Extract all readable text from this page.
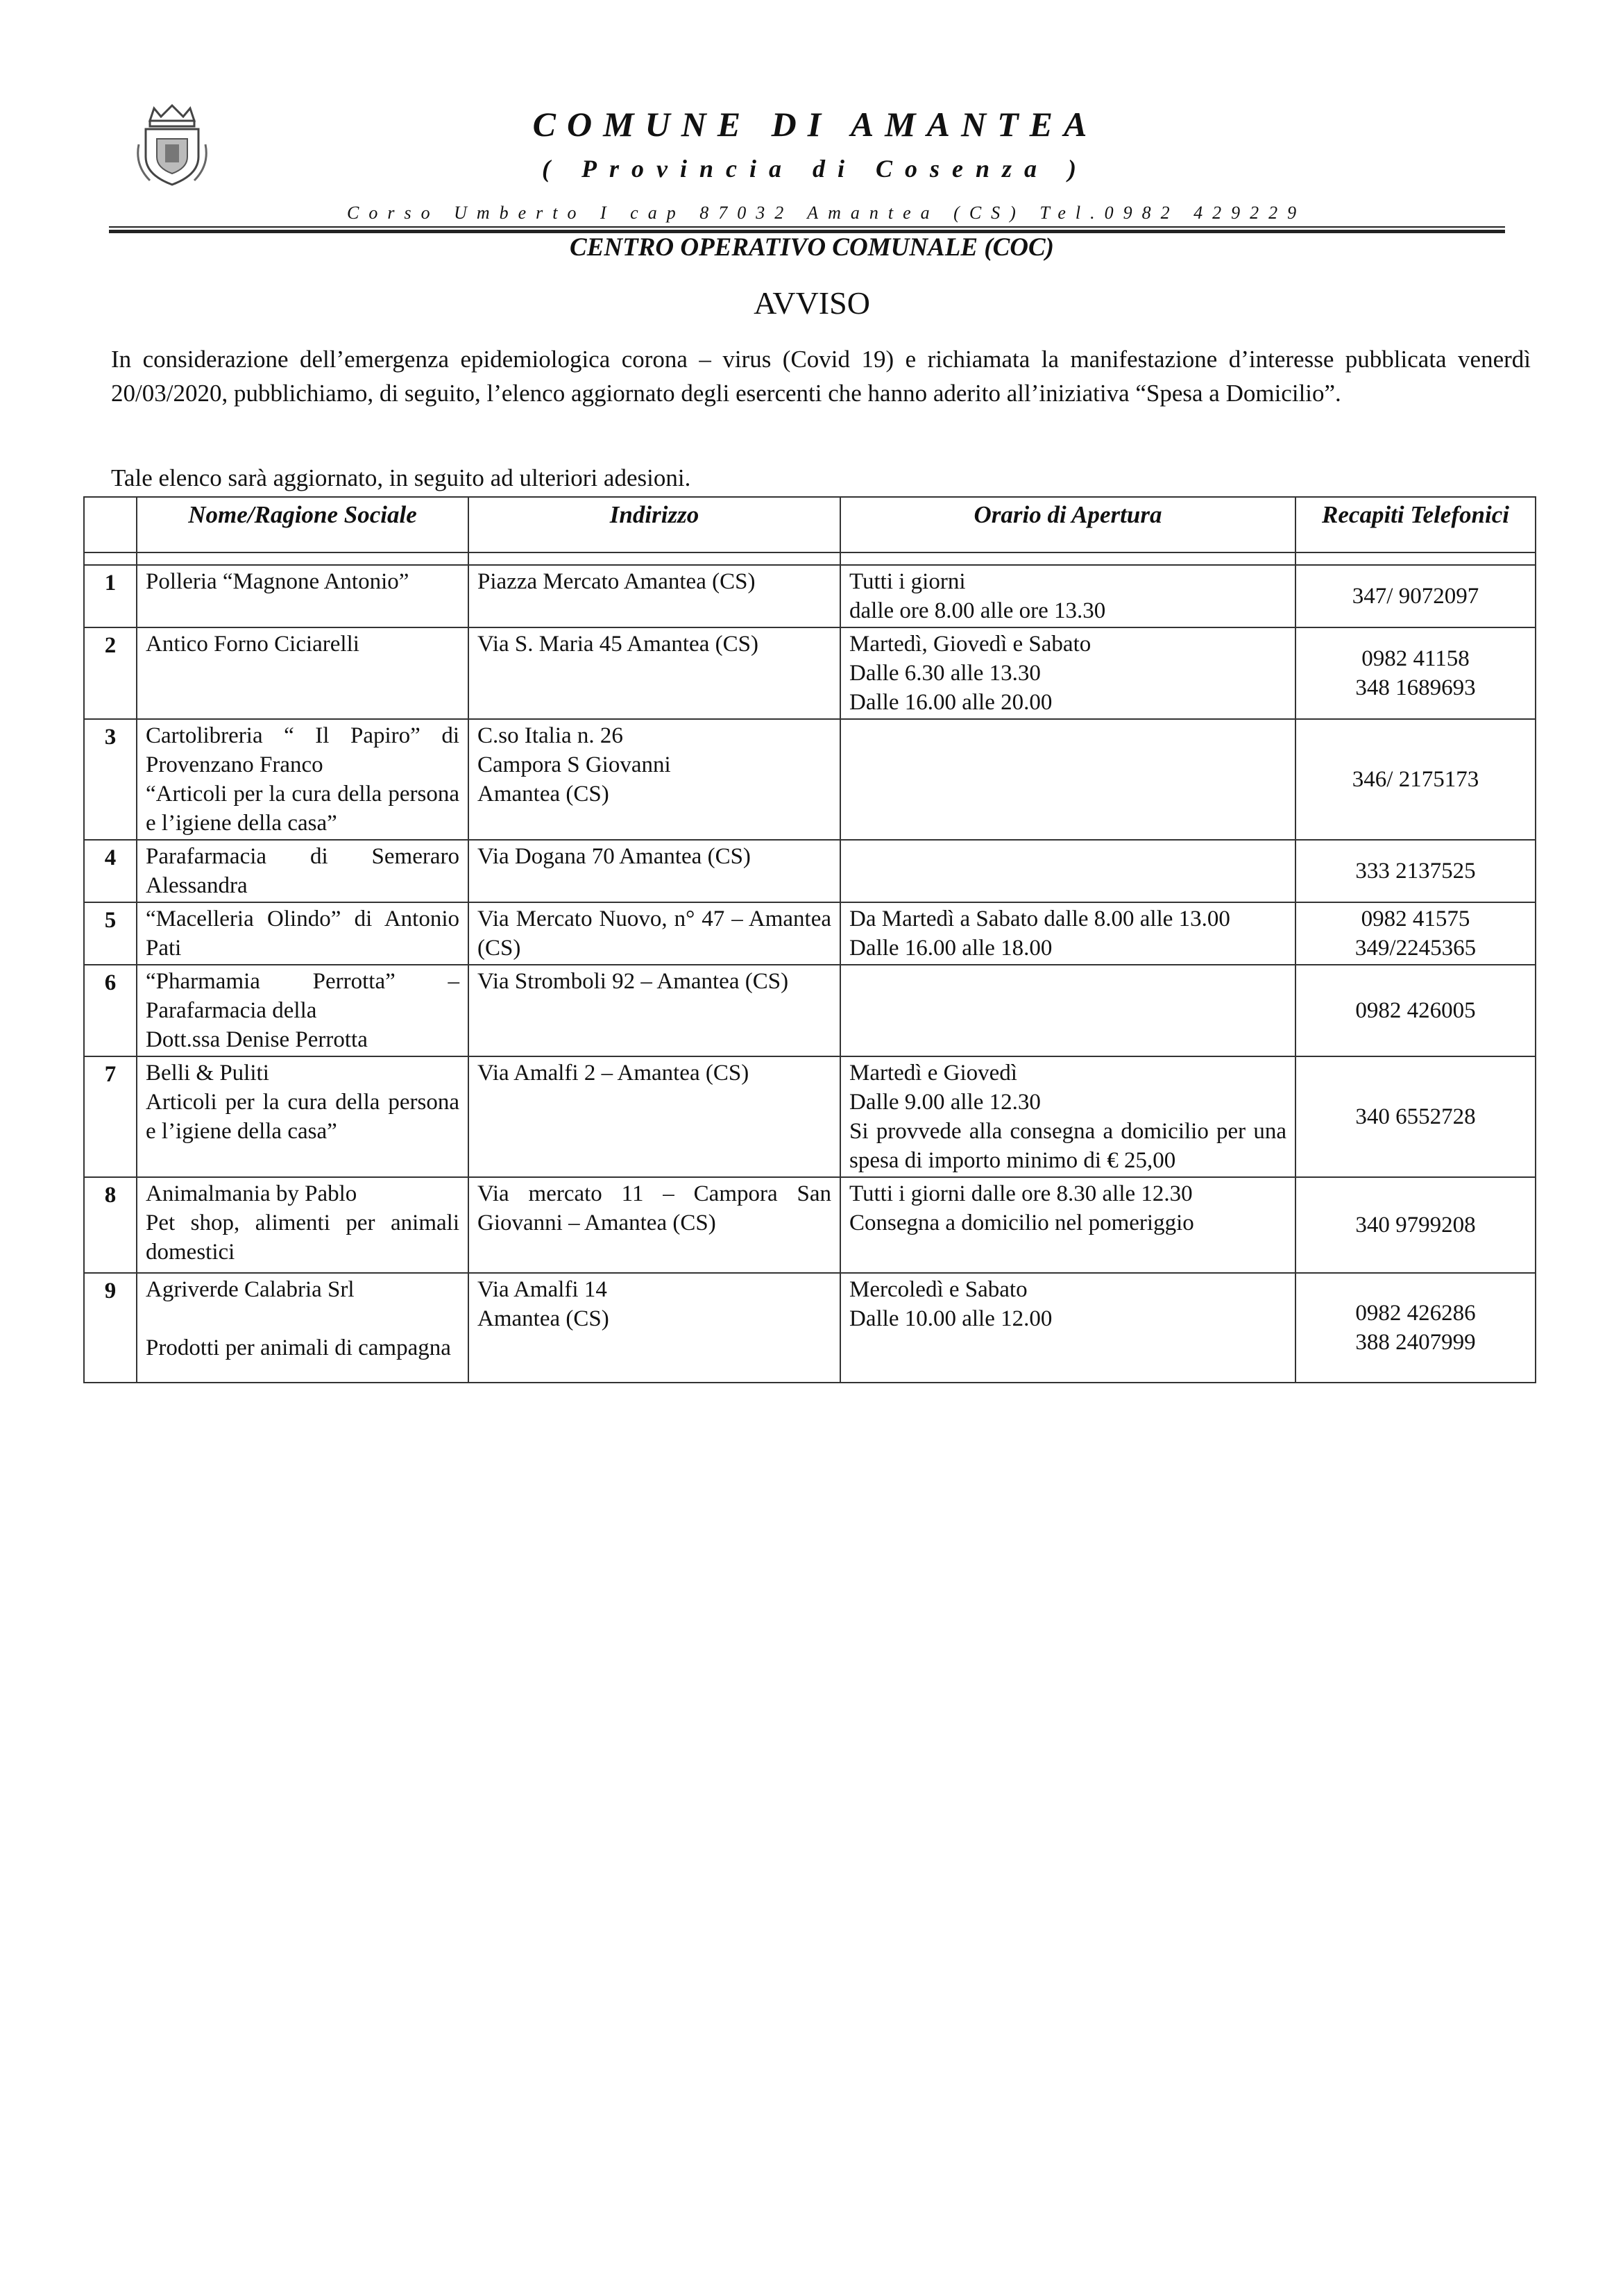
COMUNE DI AMANTEA
( Provincia di Cosenza )
Corso Umberto I cap 87032 Amantea (CS) Tel.0982 429229
CENTRO OPERATIVO COMUNALE (COC)
AVVISO

In considerazione dell’emergenza epidemiologica corona – virus (Covid 19) e richiamata la manifestazione d’interesse pubblicata venerdì 20/03/2020, pubblichiamo, di seguito, l’elenco aggiornato degli esercenti che hanno aderito all’iniziativa “Spesa a Domicilio”.

Tale elenco sarà aggiornato, in seguito ad ulteriori adesioni.

	Nome/Ragione Sociale	Indirizzo	Orario di Apertura	Recapiti Telefonici

1	Polleria “Magnone Antonio”	Piazza Mercato Amantea (CS)	Tutti i giorni
dalle ore 8.00 alle ore 13.30	347/ 9072097

2	Antico Forno Ciciarelli	Via S. Maria 45 Amantea (CS)	Martedì, Giovedì e Sabato
Dalle 6.30 alle 13.30
Dalle 16.00 alle 20.00	0982 41158
348 1689693

3	Cartolibreria “ Il Papiro” di Provenzano Franco
“Articoli per la cura della persona e l’igiene della casa”	C.so Italia n. 26
Campora S Giovanni
Amantea (CS)		346/ 2175173

4	Parafarmacia di Semeraro Alessandra	Via Dogana 70 Amantea (CS)		333 2137525

5	“Macelleria Olindo” di Antonio Pati	Via Mercato Nuovo, n° 47 – Amantea (CS)	Da Martedì a Sabato dalle 8.00 alle 13.00
Dalle 16.00 alle 18.00	0982 41575
349/2245365

6	“Pharmamia Perrotta” – Parafarmacia della
Dott.ssa Denise Perrotta	Via Stromboli 92 – Amantea (CS)		0982 426005

7	Belli & Puliti
Articoli per la cura della persona e l’igiene della casa”	Via Amalfi 2 – Amantea (CS)	Martedì e Giovedì
Dalle 9.00 alle 12.30
Si provvede alla consegna a domicilio per una spesa di importo minimo di € 25,00	340 6552728

8	Animalmania by Pablo
Pet shop, alimenti per animali domestici	Via mercato 11 – Campora San Giovanni – Amantea (CS)	Tutti i giorni dalle ore 8.30 alle 12.30
Consegna a domicilio nel pomeriggio	340 9799208

9	Agriverde Calabria Srl
Prodotti per animali di campagna	Via Amalfi 14
Amantea (CS)	Mercoledì e Sabato
Dalle 10.00 alle 12.00	0982 426286
388 2407999
